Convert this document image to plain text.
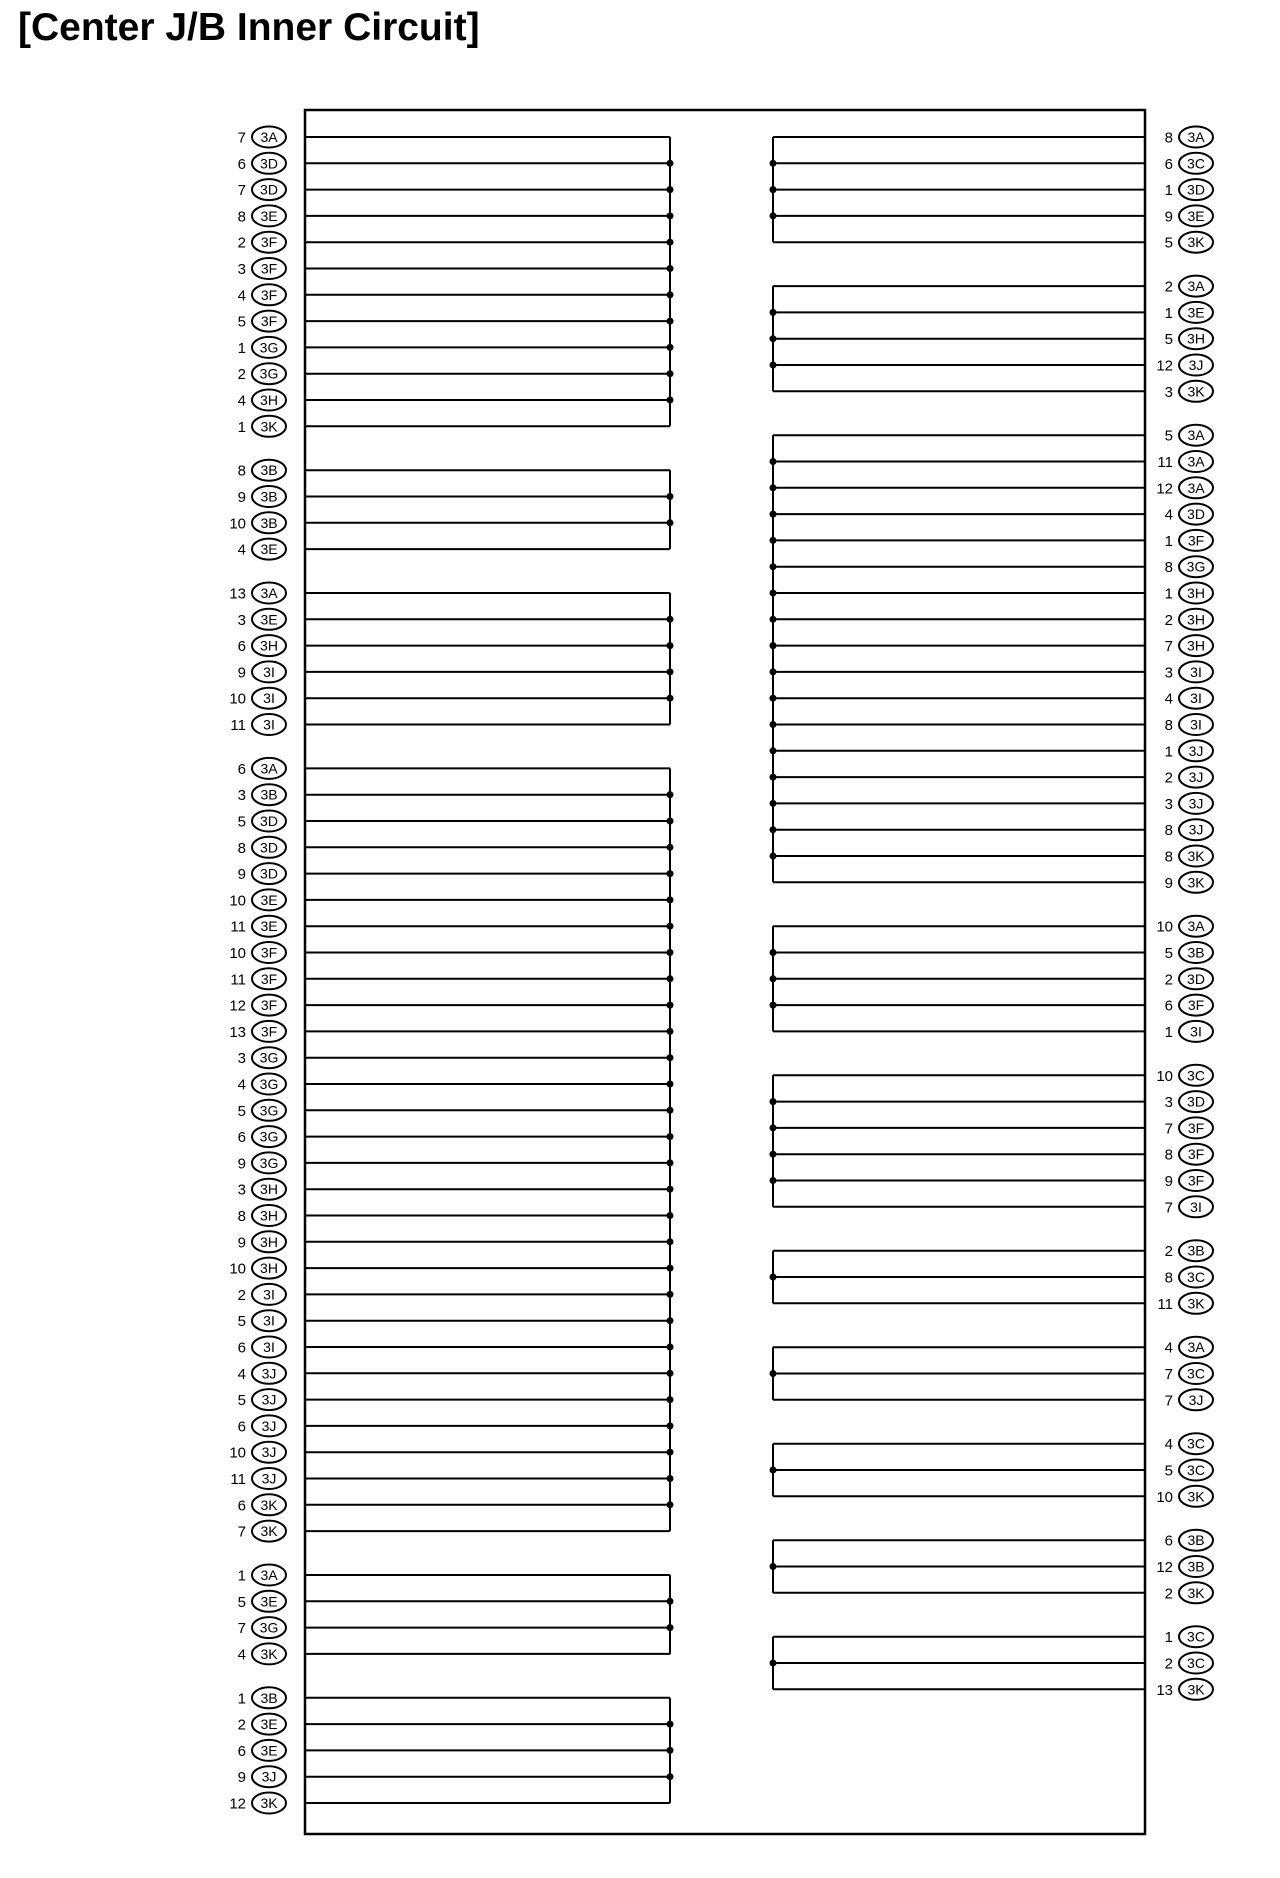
[Center J/B Inner Circuit]
7 3A
6 3D
7 3D
8 3E
2 3F
3 3F
4 3F
5 3F
1 3G
2 3G
4 3H
1 3K
8 3B
9 3B
10 3B
4 3E
13 3A
3 3E
6 3H
9 3I
10 3I
11 3I
6 3A
3 3B
5 3D
8 3D
9 3D
10 3E
11 3E
10 3F
11 3F
12 3F
13 3F
3 3G
4 3G
5 3G
6 3G
9 3G
3 3H
8 3H
9 3H
10 3H
2 3I
5 3I
6 3I
4 3J
5 3J
6 3J
10 3J
11 3J
6 3K
7 3K
1 3A
5 3E
7 3G
4 3K
1 3B
2 3E
6 3E
9 3J
12 3K
8 3A
6 3C
1 3D
9 3E
5 3K
2 3A
1 3E
5 3H
12 3J
3 3K
5 3A
11 3A
12 3A
4 3D
1 3F
8 3G
1 3H
2 3H
7 3H
3 3I
4 3I
8 3I
1 3J
2 3J
3 3J
8 3J
8 3K
9 3K
10 3A
5 3B
2 3D
6 3F
1 3I
10 3C
3 3D
7 3F
8 3F
9 3F
7 3I
2 3B
8 3C
11 3K
4 3A
7 3C
7 3J
4 3C
5 3C
10 3K
6 3B
12 3B
2 3K
1 3C
2 3C
13 3K
